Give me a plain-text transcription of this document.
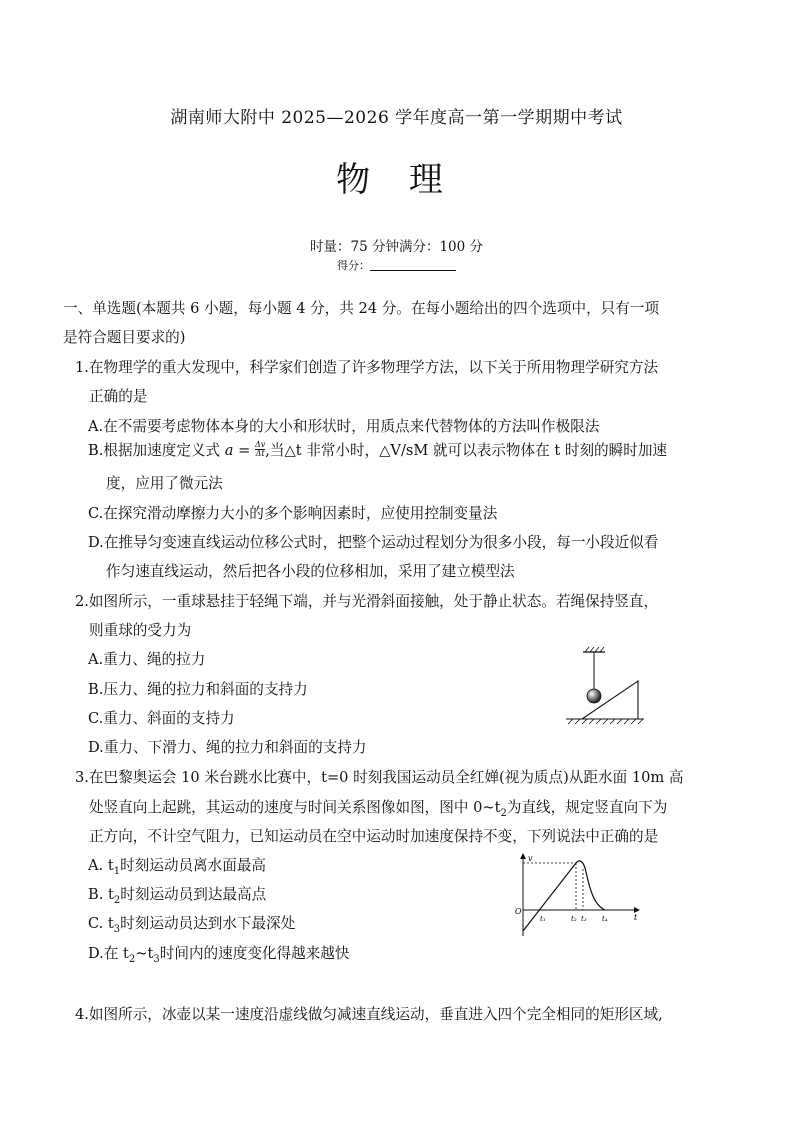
湖南师大附中 2025—2026 学年度高一第一学期期中考试
物 理
时量：75 分钟满分：100 分
得分：
一、单选题(本题共 6 小题，每小题 4 分，共 24 分。在每小题给出的四个选项中，只有一项
是符合题目要求的)
1.在物理学的重大发现中，科学家们创造了许多物理学方法，以下关于所用物理学研究方法
正确的是
A.在不需要考虑物体本身的大小和形状时，用质点来代替物体的方法叫作极限法
B.根据加速度定义式 $a = \frac{\Delta v}{\Delta t}$ ,当△t 非常小时，△V/sM 就可以表示物体在 t 时刻的瞬时加速
度，应用了微元法
C.在探究滑动摩擦力大小的多个影响因素时，应使用控制变量法
D.在推导匀变速直线运动位移公式时，把整个运动过程划分为很多小段，每一小段近似看
作匀速直线运动，然后把各小段的位移相加，采用了建立模型法
2.如图所示，一重球悬挂于轻绳下端，并与光滑斜面接触，处于静止状态。若绳保持竖直，
则重球的受力为
A.重力、绳的拉力
B.压力、绳的拉力和斜面的支持力
C.重力、斜面的支持力
D.重力、下滑力、绳的拉力和斜面的支持力
3.在巴黎奥运会 10 米台跳水比赛中，t=0 时刻我国运动员全红婵(视为质点)从距水面 10m 高
处竖直向上起跳，其运动的速度与时间关系图像如图，图中 $0\sim t_2$为直线，规定竖直向下为
正方向，不计空气阻力，已知运动员在空中运动时加速度保持不变，下列说法中正确的是
A. $t_1$时刻运动员离水面最高
B. $t_2$时刻运动员到达最高点
C. $t_3$时刻运动员达到水下最深处
D.在 $t_2\sim t_3$时间内的速度变化得越来越快
v
t
O
t₁	t₂ t₃ t₄
4.如图所示，冰壶以某一速度沿虚线做匀减速直线运动，垂直进入四个完全相同的矩形区域,
